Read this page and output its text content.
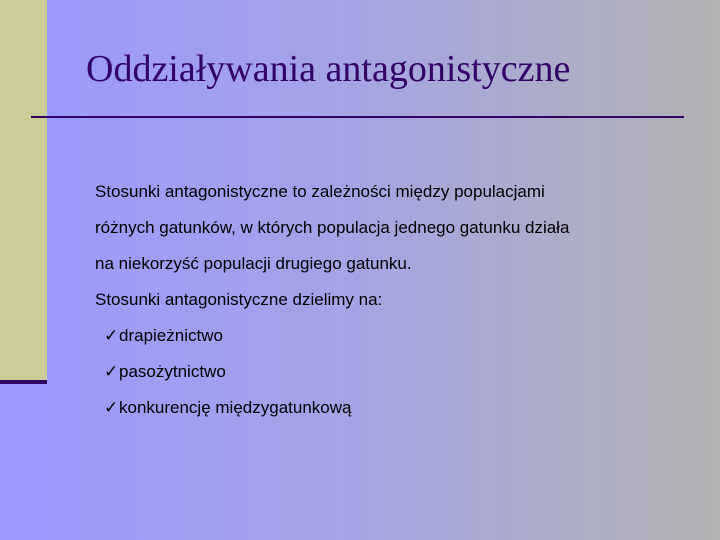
Oddziaływania antagonistyczne
Stosunki antagonistyczne to zależności między populacjami
różnych gatunków, w których populacja jednego gatunku działa
na niekorzyść populacji drugiego gatunku.
Stosunki antagonistyczne dzielimy na:
✓drapieżnictwo
✓pasożytnictwo
✓konkurencję międzygatunkową
